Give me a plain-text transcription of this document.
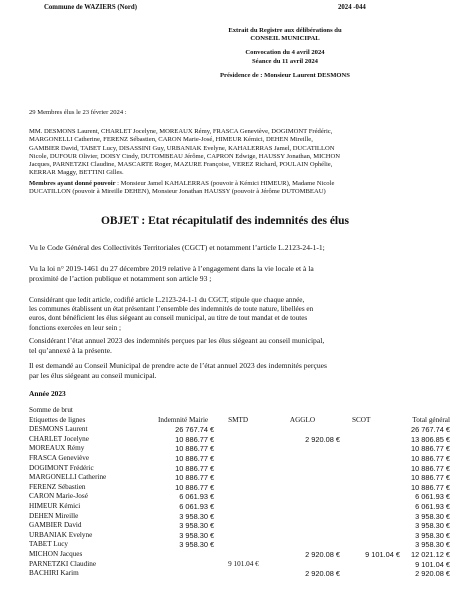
Commune de WAZIERS (Nord)	2024 -044
Extrait du Registre aux délibérations du
CONSEIL MUNICIPAL
Convocation du 4 avril 2024
Séance du 11 avril 2024
Présidence de : Monsieur Laurent DESMONS
29 Membres élus le 23 février 2024 :
MM. DESMONS Laurent, CHARLET Jocelyne, MOREAUX Rémy, FRASCA Geneviève, DOGIMONT Frédéric,
MARGONELLI Catherine, FERENZ Sébastien, CARON Marie-José, HIMEUR Kémici, DEHEN Mireille,
GAMBIER David, TABET Lucy, DISASSINI Guy, URBANIAK Evelyne, KAHALERRAS Jamel, DUCATILLON
Nicole, DUFOUR Olivier, DOISY Cindy, DUTOMBEAU Jérôme, CAPRON Edwige, HAUSSY Jonathan, MICHON
Jacques, PARNETZKI Claudine, MASCARTE Roger, MAZURE Françoise, VEREZ Richard, POULAIN Ophélie,
KERRAR Maggy, BETTINI Gilles.
Membres ayant donné pouvoir : Monsieur Jamel KAHALERRAS (pouvoir à Kémici HIMEUR), Madame Nicole
DUCATILLON (pouvoir à Mireille DEHEN), Monsieur Jonathan HAUSSY (pouvoir à Jérôme DUTOMBEAU)
OBJET : Etat récapitulatif des indemnités des élus
Vu le Code Général des Collectivités Territoriales (CGCT) et notamment l’article L.2123-24-1-1;
Vu la loi n° 2019-1461 du 27 décembre 2019 relative à l’engagement dans la vie locale et à la
proximité de l’action publique et notamment son article 93 ;
Considérant que ledit article, codifié article L.2123-24-1-1 du CGCT, stipule que chaque année,
les communes établissent un état présentant l’ensemble des indemnités de toute nature, libellées en
euros, dont bénéficient les élus siégeant au conseil municipal, au titre de tout mandat et de toutes
fonctions exercées en leur sein ;
Considérant l’état annuel 2023 des indemnités perçues par les élus siégeant au conseil municipal,
tel qu’annexé à la présente.
Il est demandé au Conseil Municipal de prendre acte de l’état annuel 2023 des indemnités perçues
par les élus siégeant au conseil municipal.
Année 2023
Somme de brut					
Etiquettes de lignes	Indemnité Mairie	SMTD	AGGLO	SCOT	Total général
DESMONS Laurent	26 767.74 €				26 767.74 €
CHARLET Jocelyne	10 886.77 €		2 920.08 €		13 806.85 €
MOREAUX Rémy	10 886.77 €				10 886.77 €
FRASCA Geneviève	10 886.77 €				10 886.77 €
DOGIMONT Frédéric	10 886.77 €				10 886.77 €
MARGONELLI Catherine	10 886.77 €				10 886.77 €
FERENZ Sébastien	10 886.77 €				10 886.77 €
CARON Marie-José	6 061.93 €				6 061.93 €
HIMEUR Kémici	6 061.93 €				6 061.93 €
DEHEN Mireille	3 958.30 €				3 958.30 €
GAMBIER David	3 958.30 €				3 958.30 €
URBANIAK Evelyne	3 958.30 €				3 958.30 €
TABET Lucy	3 958.30 €				3 958.30 €
MICHON Jacques			2 920.08 €	9 101.04 €	12 021.12 €
PARNETZKI Claudine		9 101.04 €			9 101.04 €
BACHIRI Karim			2 920.08 €		2 920.08 €
